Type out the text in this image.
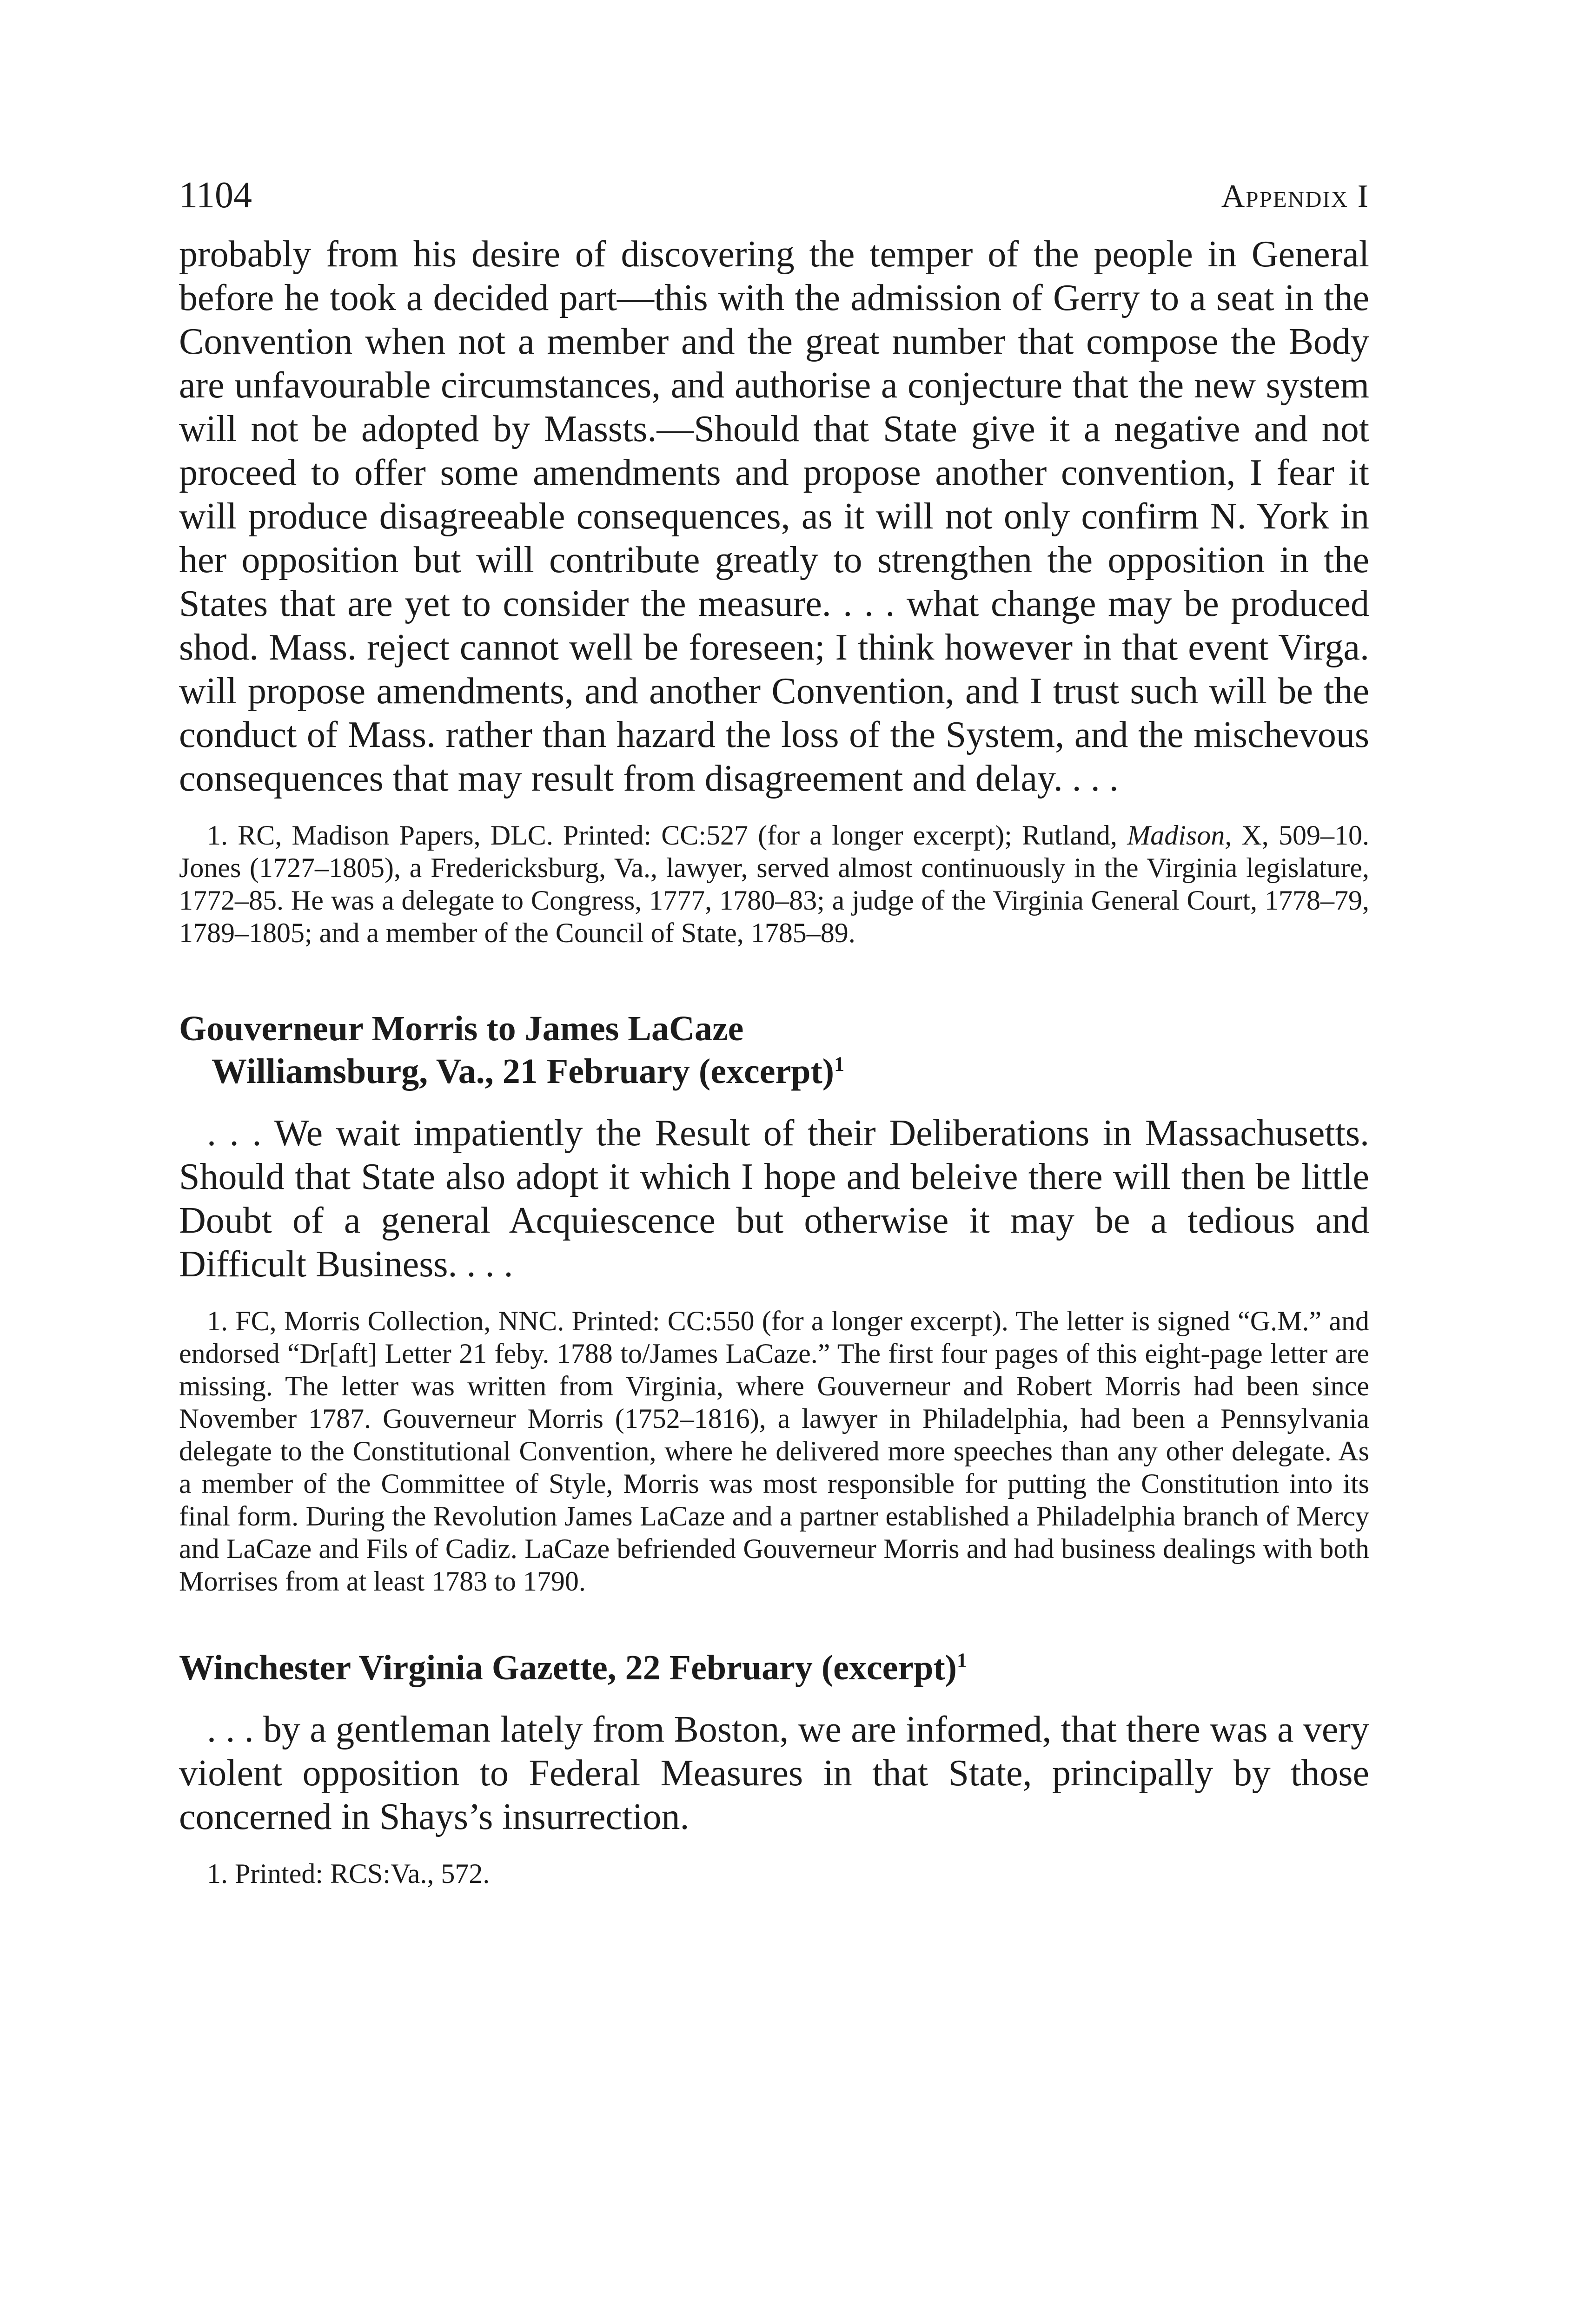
1104	Appendix I

probably from his desire of discovering the temper of the people in General before he took a decided part—this with the admission of Gerry to a seat in the Convention when not a member and the great number that compose the Body are unfavourable circumstances, and authorise a conjecture that the new system will not be adopted by Massts.—Should that State give it a negative and not proceed to offer some amendments and propose another convention, I fear it will produce disagreeable consequences, as it will not only confirm N. York in her opposition but will contribute greatly to strengthen the opposition in the States that are yet to consider the measure. . . . what change may be produced shod. Mass. reject cannot well be foreseen; I think however in that event Virga. will propose amendments, and another Convention, and I trust such will be the conduct of Mass. rather than hazard the loss of the System, and the mischevous consequences that may result from disagreement and delay. . . .

1. RC, Madison Papers, DLC. Printed: CC:527 (for a longer excerpt); Rutland, Madison, X, 509–10. Jones (1727–1805), a Fredericksburg, Va., lawyer, served almost continuously in the Virginia legislature, 1772–85. He was a delegate to Congress, 1777, 1780–83; a judge of the Virginia General Court, 1778–79, 1789–1805; and a member of the Council of State, 1785–89.

Gouverneur Morris to James LaCaze
Williamsburg, Va., 21 February (excerpt)$^1$

. . . We wait impatiently the Result of their Deliberations in Massachusetts. Should that State also adopt it which I hope and beleive there will then be little Doubt of a general Acquiescence but otherwise it may be a tedious and Difficult Business. . . .

1. FC, Morris Collection, NNC. Printed: CC:550 (for a longer excerpt). The letter is signed “G.M.” and endorsed “Dr[aft] Letter 21 feby. 1788 to/James LaCaze.” The first four pages of this eight-page letter are missing. The letter was written from Virginia, where Gouverneur and Robert Morris had been since November 1787. Gouverneur Morris (1752–1816), a lawyer in Philadelphia, had been a Pennsylvania delegate to the Constitutional Convention, where he delivered more speeches than any other delegate. As a member of the Committee of Style, Morris was most responsible for putting the Constitution into its final form. During the Revolution James LaCaze and a partner established a Philadelphia branch of Mercy and LaCaze and Fils of Cadiz. LaCaze befriended Gouverneur Morris and had business dealings with both Morrises from at least 1783 to 1790.

Winchester Virginia Gazette, 22 February (excerpt)$^1$

. . . by a gentleman lately from Boston, we are informed, that there was a very violent opposition to Federal Measures in that State, principally by those concerned in Shays’s insurrection.

1. Printed: RCS:Va., 572.
